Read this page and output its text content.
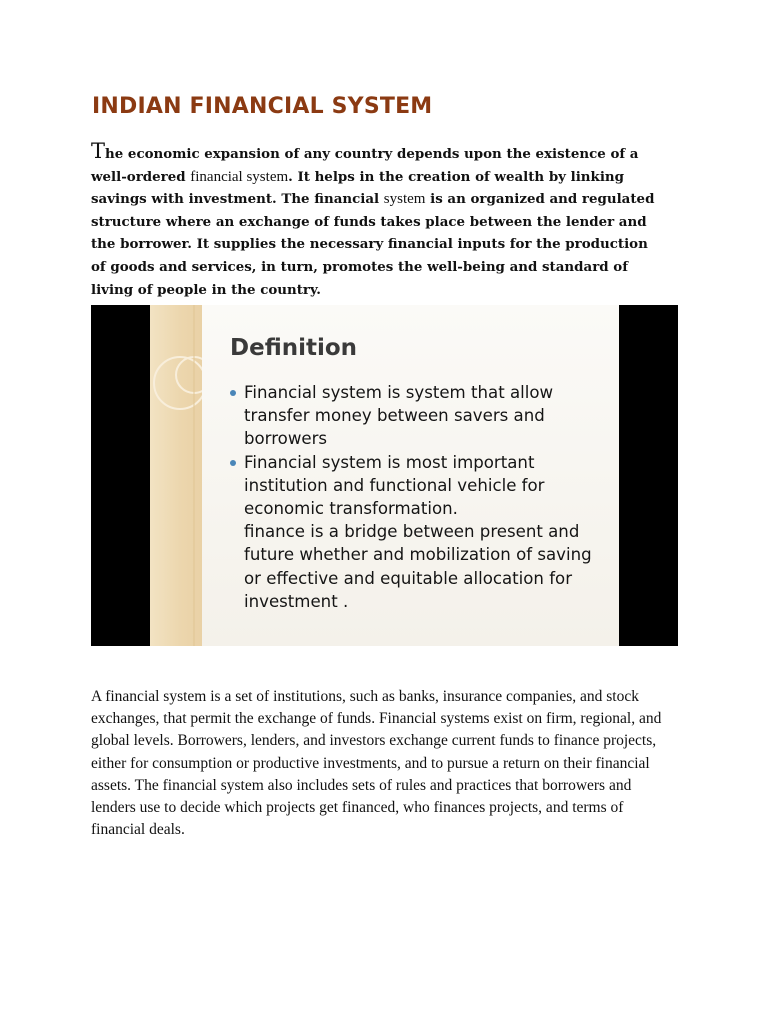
INDIAN FINANCIAL SYSTEM

The economic expansion of any country depends upon the existence of a well-ordered financial system. It helps in the creation of wealth by linking savings with investment. The financial system is an organized and regulated structure where an exchange of funds takes place between the lender and the borrower. It supplies the necessary financial inputs for the production of goods and services, in turn, promotes the well-being and standard of living of people in the country.

Definition
Financial system is system that allow transfer money between savers and borrowers
Financial system is most important institution and functional vehicle for economic transformation.
finance is a bridge between present and future whether and mobilization of saving or effective and equitable allocation for investment .

A financial system is a set of institutions, such as banks, insurance companies, and stock exchanges, that permit the exchange of funds. Financial systems exist on firm, regional, and global levels. Borrowers, lenders, and investors exchange current funds to finance projects, either for consumption or productive investments, and to pursue a return on their financial assets. The financial system also includes sets of rules and practices that borrowers and lenders use to decide which projects get financed, who finances projects, and terms of financial deals.
